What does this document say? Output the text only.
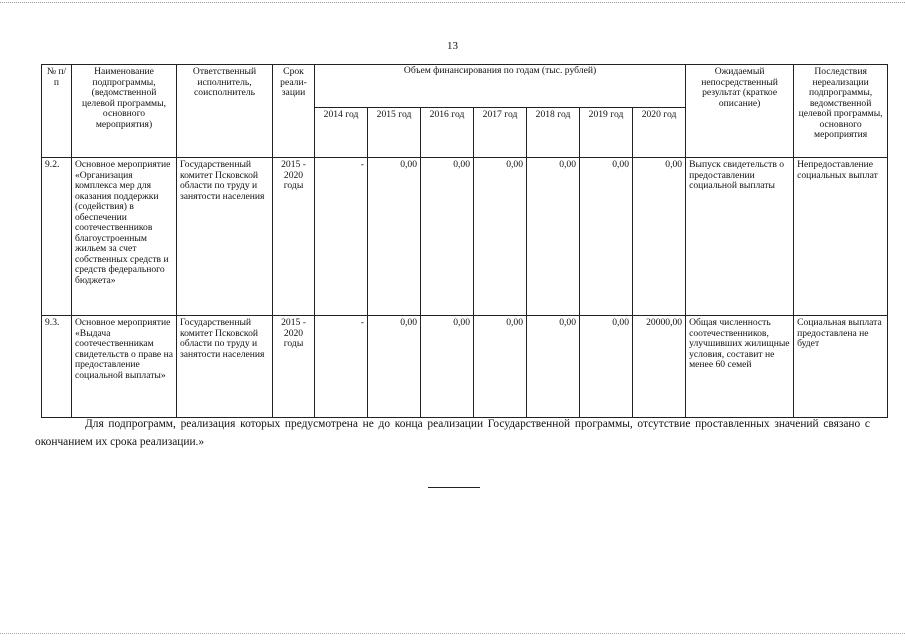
13
№ п/п	Наименование подпрограммы, (ведомственной целевой программы, основного мероприятия)	Ответственный исполнитель, соисполнитель	Срок реали-зации	Объем финансирования по годам (тыс. рублей)							Ожидаемый непосредственный результат (краткое описание)	Последствия нереализации подпрограммы, ведомственной целевой программы, основного мероприятия
				2014 год	2015 год	2016 год	2017 год	2018 год	2019 год	2020 год		
9.2.	Основное мероприятие «Организация комплекса мер для оказания поддержки (содействия) в обеспечении соотечественников благоустроенным жильем за счет собственных средств и средств федерального бюджета»	Государственный комитет Псковской области по труду и занятости населения	2015 - 2020 годы	-	0,00	0,00	0,00	0,00	0,00	0,00	Выпуск свидетельств о предоставлении социальной выплаты	Непредоставление социальных выплат
9.3.	Основное мероприятие «Выдача соотечественникам свидетельств о праве на предоставление социальной выплаты»	Государственный комитет Псковской области по труду и занятости населения	2015 - 2020 годы	-	0,00	0,00	0,00	0,00	0,00	20000,00	Общая численность соотечественников, улучшивших жилищные условия, составит не менее 60 семей	Социальная выплата предоставлена не будет
Для подпрограмм, реализация которых предусмотрена не до конца реализации Государственной программы, отсутствие проставленных значений связано с окончанием их срока реализации.»
